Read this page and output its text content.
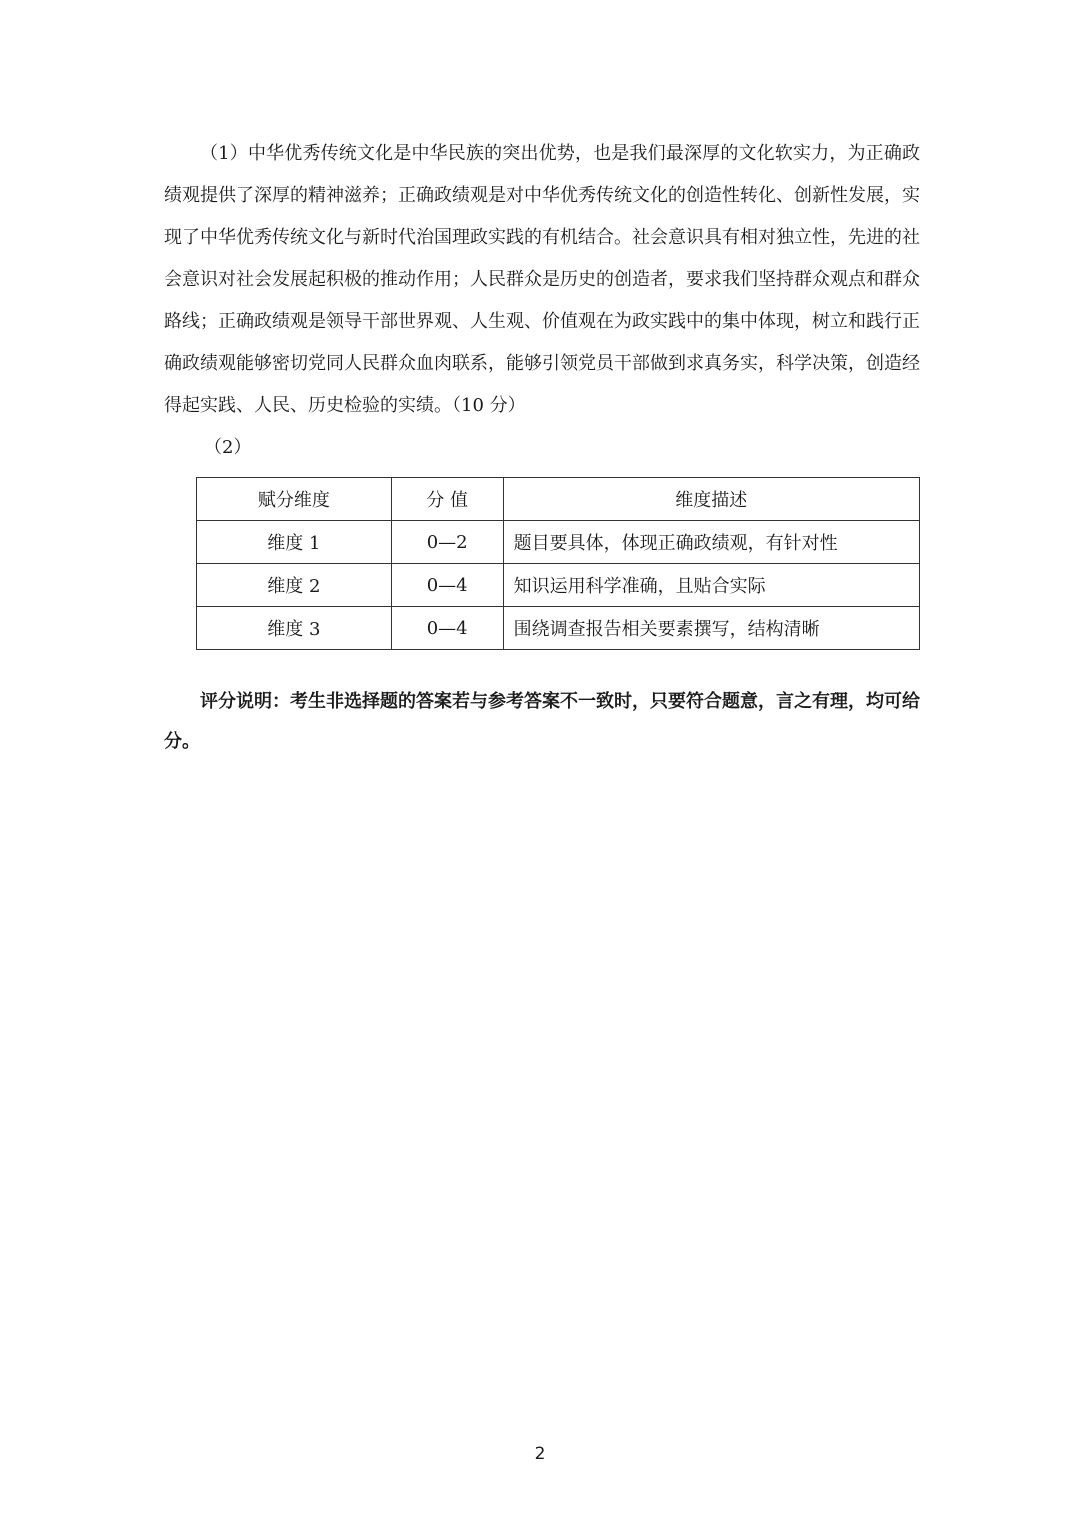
（1）中华优秀传统文化是中华民族的突出优势，也是我们最深厚的文化软实力，为正确政绩观提供了深厚的精神滋养；正确政绩观是对中华优秀传统文化的创造性转化、创新性发展，实现了中华优秀传统文化与新时代治国理政实践的有机结合。社会意识具有相对独立性，先进的社会意识对社会发展起积极的推动作用；人民群众是历史的创造者，要求我们坚持群众观点和群众路线；正确政绩观是领导干部世界观、人生观、价值观在为政实践中的集中体现，树立和践行正确政绩观能够密切党同人民群众血肉联系，能够引领党员干部做到求真务实，科学决策，创造经得起实践、人民、历史检验的实绩。（10 分）

（2）

赋分维度	分 值	维度描述
维度 1	0—2	题目要具体，体现正确政绩观，有针对性
维度 2	0—4	知识运用科学准确，且贴合实际
维度 3	0—4	围绕调查报告相关要素撰写，结构清晰
评分说明：考生非选择题的答案若与参考答案不一致时，只要符合题意，言之有理，均可给分。
2
